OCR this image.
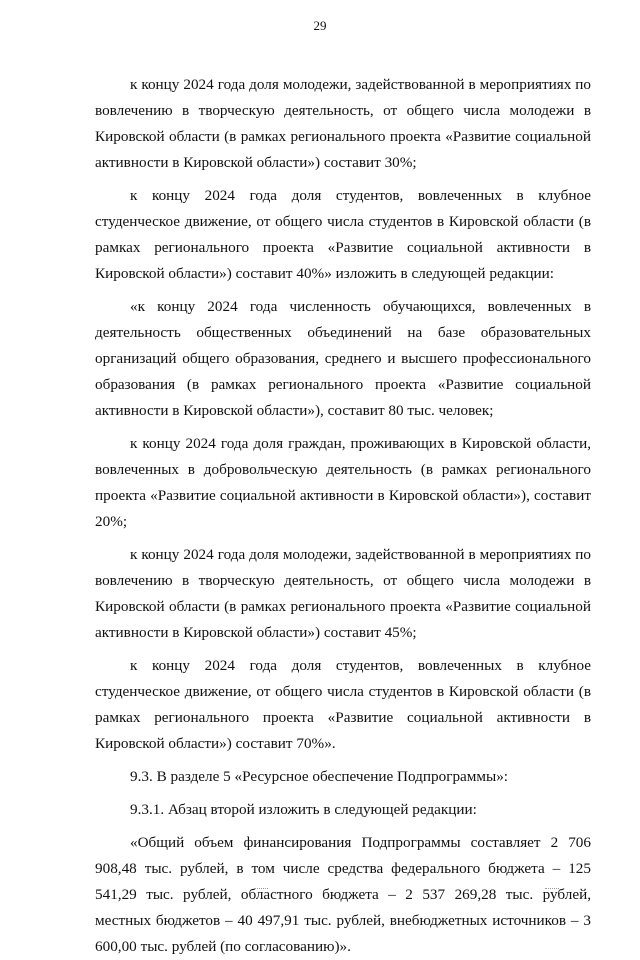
29

к концу 2024 года доля молодежи, задействованной в мероприятиях по вовлечению в творческую деятельность, от общего числа молодежи в Кировской области (в рамках регионального проекта «Развитие социальной активности в Кировской области») составит 30%;

к концу 2024 года доля студентов, вовлеченных в клубное студенческое движение, от общего числа студентов в Кировской области (в рамках регионального проекта «Развитие социальной активности в Кировской области») составит 40%» изложить в следующей редакции:

«к концу 2024 года численность обучающихся, вовлеченных в деятельность общественных объединений на базе образовательных организаций общего образования, среднего и высшего профессионального образования (в рамках регионального проекта «Развитие социальной активности в Кировской области»), составит 80 тыс. человек;

к концу 2024 года доля граждан, проживающих в Кировской области, вовлеченных в добровольческую деятельность (в рамках регионального проекта «Развитие социальной активности в Кировской области»), составит 20%;

к концу 2024 года доля молодежи, задействованной в мероприятиях по вовлечению в творческую деятельность, от общего числа молодежи в Кировской области (в рамках регионального проекта «Развитие социальной активности в Кировской области») составит 45%;

к концу 2024 года доля студентов, вовлеченных в клубное студенческое движение, от общего числа студентов в Кировской области (в рамках регионального проекта «Развитие социальной активности в Кировской области») составит 70%».

9.3. В разделе 5 «Ресурсное обеспечение Подпрограммы»:

9.3.1. Абзац второй изложить в следующей редакции:

«Общий объем финансирования Подпрограммы составляет 2 706 908,48 тыс. рублей, в том числе средства федерального бюджета – 125 541,29 тыс. рублей, областного бюджета – 2 537 269,28 тыс. рублей, местных бюджетов – 40 497,91 тыс. рублей, внебюджетных источников – 3 600,00 тыс. рублей (по согласованию)».
